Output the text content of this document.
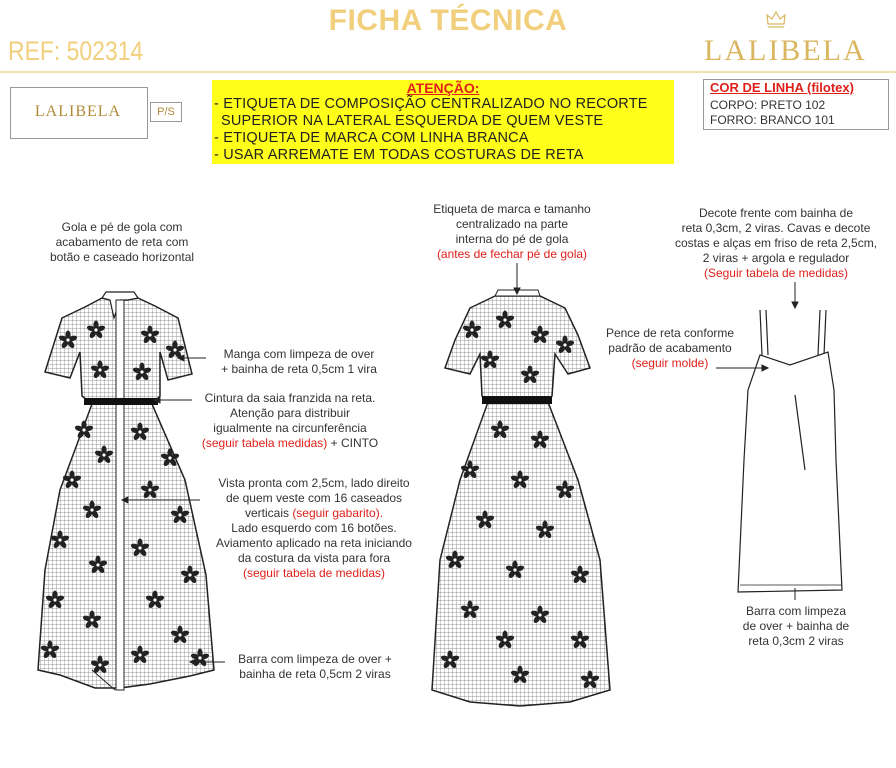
FICHA TÉCNICA
REF: 502314	LALIBELA
LALIBELA	P/S
ATENÇÃO:
- ETIQUETA DE COMPOSIÇÃO CENTRALIZADO NO RECORTE
SUPERIOR NA LATERAL ESQUERDA DE QUEM VESTE
- ETIQUETA DE MARCA COM LINHA BRANCA
- USAR ARREMATE EM TODAS COSTURAS DE RETA
COR DE LINHA (filotex)
CORPO: PRETO 102
FORRO: BRANCO 101
Gola e pé de gola com
acabamento de reta com
botão e caseado horizontal
Manga com limpeza de over
+ bainha de reta 0,5cm 1 vira
Cintura da saia franzida na reta.
Atenção para distribuir
igualmente na circunferência
(seguir tabela medidas) + CINTO
Vista pronta com 2,5cm, lado direito
de quem veste com 16 caseados
verticais (seguir gabarito).
Lado esquerdo com 16 botões.
Aviamento aplicado na reta iniciando
da costura da vista para fora
(seguir tabela de medidas)
Barra com limpeza de over +
bainha de reta 0,5cm 2 viras
Etiqueta de marca e tamanho
centralizado na parte
interna do pé de gola
(antes de fechar pé de gola)
Decote frente com bainha de
reta 0,3cm, 2 viras. Cavas e decote
costas e alças em friso de reta 2,5cm,
2 viras + argola e regulador
(Seguir tabela de medidas)
Pence de reta conforme
padrão de acabamento
(seguir molde)
Barra com limpeza
de over + bainha de
reta 0,3cm 2 viras
